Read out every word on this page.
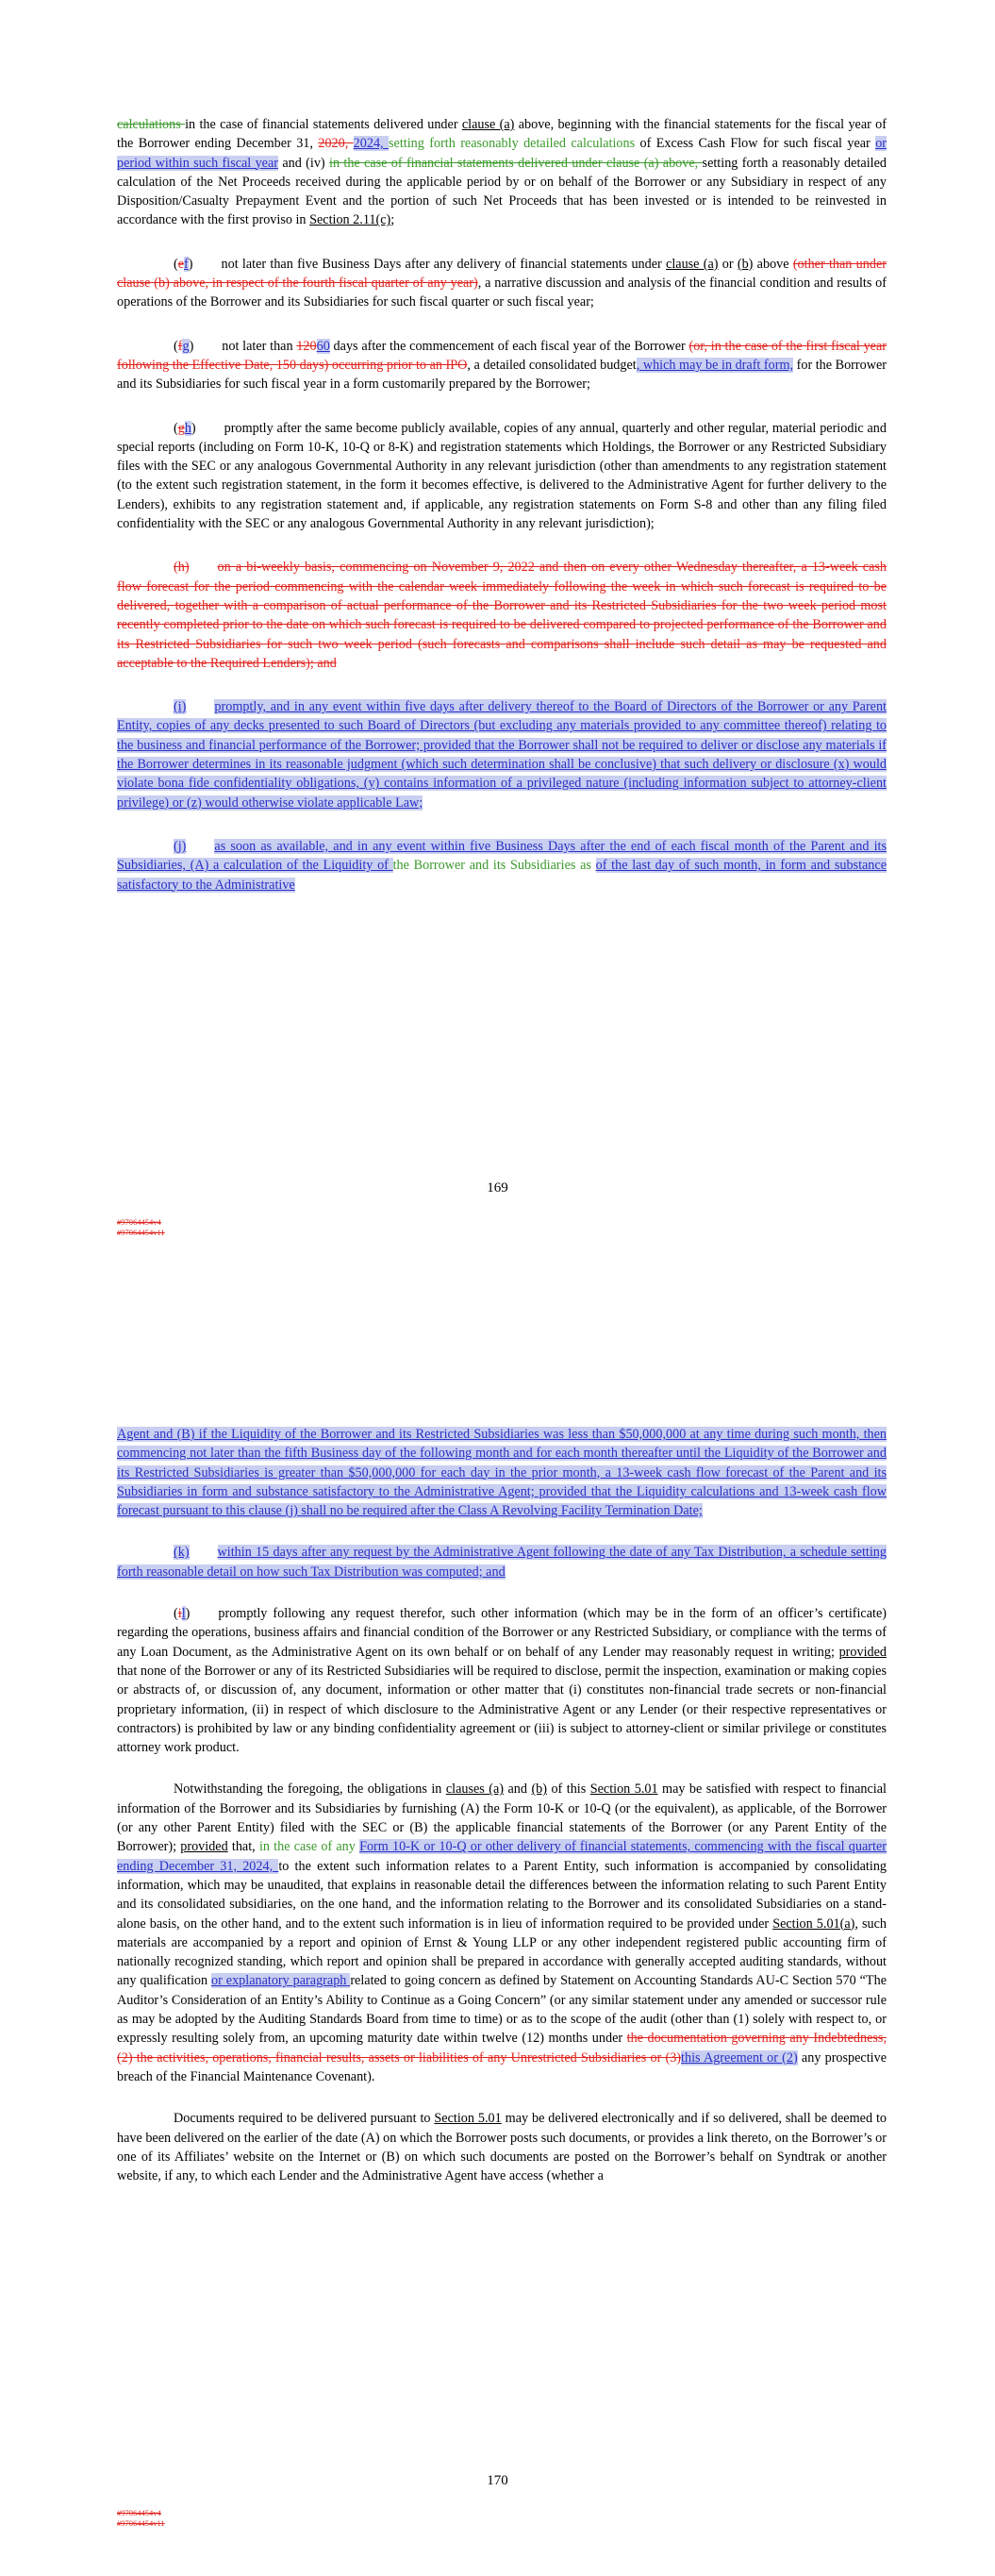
calculations in the case of financial statements delivered under clause (a) above, beginning with the financial statements for the fiscal year of the Borrower ending December 31, 2020, 2024, setting forth reasonably detailed calculations of Excess Cash Flow for such fiscal year or period within such fiscal year and (iv) in the case of financial statements delivered under clause (a) above, setting forth a reasonably detailed calculation of the Net Proceeds received during the applicable period by or on behalf of the Borrower or any Subsidiary in respect of any Disposition/Casualty Prepayment Event and the portion of such Net Proceeds that has been invested or is intended to be reinvested in accordance with the first proviso in Section 2.11(c);

(ef) not later than five Business Days after any delivery of financial statements under clause (a) or (b) above (other than under clause (b) above, in respect of the fourth fiscal quarter of any year), a narrative discussion and analysis of the financial condition and results of operations of the Borrower and its Subsidiaries for such fiscal quarter or such fiscal year;

(fg) not later than 12060 days after the commencement of each fiscal year of the Borrower (or, in the case of the first fiscal year following the Effective Date, 150 days) occurring prior to an IPO, a detailed consolidated budget, which may be in draft form, for the Borrower and its Subsidiaries for such fiscal year in a form customarily prepared by the Borrower;

(gh) promptly after the same become publicly available, copies of any annual, quarterly and other regular, material periodic and special reports (including on Form 10-K, 10-Q or 8-K) and registration statements which Holdings, the Borrower or any Restricted Subsidiary files with the SEC or any analogous Governmental Authority in any relevant jurisdiction (other than amendments to any registration statement (to the extent such registration statement, in the form it becomes effective, is delivered to the Administrative Agent for further delivery to the Lenders), exhibits to any registration statement and, if applicable, any registration statements on Form S-8 and other than any filing filed confidentiality with the SEC or any analogous Governmental Authority in any relevant jurisdiction);

(h) on a bi-weekly basis, commencing on November 9, 2022 and then on every other Wednesday thereafter, a 13-week cash flow forecast for the period commencing with the calendar week immediately following the week in which such forecast is required to be delivered, together with a comparison of actual performance of the Borrower and its Restricted Subsidiaries for the two week period most recently completed prior to the date on which such forecast is required to be delivered compared to projected performance of the Borrower and its Restricted Subsidiaries for such two week period (such forecasts and comparisons shall include such detail as may be requested and acceptable to the Required Lenders); and

(i) promptly, and in any event within five days after delivery thereof to the Board of Directors of the Borrower or any Parent Entity, copies of any decks presented to such Board of Directors (but excluding any materials provided to any committee thereof) relating to the business and financial performance of the Borrower; provided that the Borrower shall not be required to deliver or disclose any materials if the Borrower determines in its reasonable judgment (which such determination shall be conclusive) that such delivery or disclosure (x) would violate bona fide confidentiality obligations, (y) contains information of a privileged nature (including information subject to attorney-client privilege) or (z) would otherwise violate applicable Law;

(j) as soon as available, and in any event within five Business Days after the end of each fiscal month of the Parent and its Subsidiaries, (A) a calculation of the Liquidity of the Borrower and its Subsidiaries as of the last day of such month, in form and substance satisfactory to the Administrative

169
#97064454v4
#97064454v11

Agent and (B) if the Liquidity of the Borrower and its Restricted Subsidiaries was less than $50,000,000 at any time during such month, then commencing not later than the fifth Business day of the following month and for each month thereafter until the Liquidity of the Borrower and its Restricted Subsidiaries is greater than $50,000,000 for each day in the prior month, a 13-week cash flow forecast of the Parent and its Subsidiaries in form and substance satisfactory to the Administrative Agent; provided that the Liquidity calculations and 13-week cash flow forecast pursuant to this clause (j) shall no be required after the Class A Revolving Facility Termination Date;

(k) within 15 days after any request by the Administrative Agent following the date of any Tax Distribution, a schedule setting forth reasonable detail on how such Tax Distribution was computed; and

(il) promptly following any request therefor, such other information (which may be in the form of an officer’s certificate) regarding the operations, business affairs and financial condition of the Borrower or any Restricted Subsidiary, or compliance with the terms of any Loan Document, as the Administrative Agent on its own behalf or on behalf of any Lender may reasonably request in writing; provided that none of the Borrower or any of its Restricted Subsidiaries will be required to disclose, permit the inspection, examination or making copies or abstracts of, or discussion of, any document, information or other matter that (i) constitutes non-financial trade secrets or non-financial proprietary information, (ii) in respect of which disclosure to the Administrative Agent or any Lender (or their respective representatives or contractors) is prohibited by law or any binding confidentiality agreement or (iii) is subject to attorney-client or similar privilege or constitutes attorney work product.

Notwithstanding the foregoing, the obligations in clauses (a) and (b) of this Section 5.01 may be satisfied with respect to financial information of the Borrower and its Subsidiaries by furnishing (A) the Form 10-K or 10-Q (or the equivalent), as applicable, of the Borrower (or any other Parent Entity) filed with the SEC or (B) the applicable financial statements of the Borrower (or any Parent Entity of the Borrower); provided that, in the case of any Form 10-K or 10-Q or other delivery of financial statements, commencing with the fiscal quarter ending December 31, 2024, to the extent such information relates to a Parent Entity, such information is accompanied by consolidating information, which may be unaudited, that explains in reasonable detail the differences between the information relating to such Parent Entity and its consolidated subsidiaries, on the one hand, and the information relating to the Borrower and its consolidated Subsidiaries on a stand-alone basis, on the other hand, and to the extent such information is in lieu of information required to be provided under Section 5.01(a), such materials are accompanied by a report and opinion of Ernst & Young LLP or any other independent registered public accounting firm of nationally recognized standing, which report and opinion shall be prepared in accordance with generally accepted auditing standards, without any qualification or explanatory paragraph related to going concern as defined by Statement on Accounting Standards AU-C Section 570 “The Auditor’s Consideration of an Entity’s Ability to Continue as a Going Concern” (or any similar statement under any amended or successor rule as may be adopted by the Auditing Standards Board from time to time) or as to the scope of the audit (other than (1) solely with respect to, or expressly resulting solely from, an upcoming maturity date within twelve (12) months under the documentation governing any Indebtedness, (2) the activities, operations, financial results, assets or liabilities of any Unrestricted Subsidiaries or (3)this Agreement or (2) any prospective breach of the Financial Maintenance Covenant).

Documents required to be delivered pursuant to Section 5.01 may be delivered electronically and if so delivered, shall be deemed to have been delivered on the earlier of the date (A) on which the Borrower posts such documents, or provides a link thereto, on the Borrower’s or one of its Affiliates’ website on the Internet or (B) on which such documents are posted on the Borrower’s behalf on Syndtrak or another website, if any, to which each Lender and the Administrative Agent have access (whether a

170
#97064454v4
#97064454v11
